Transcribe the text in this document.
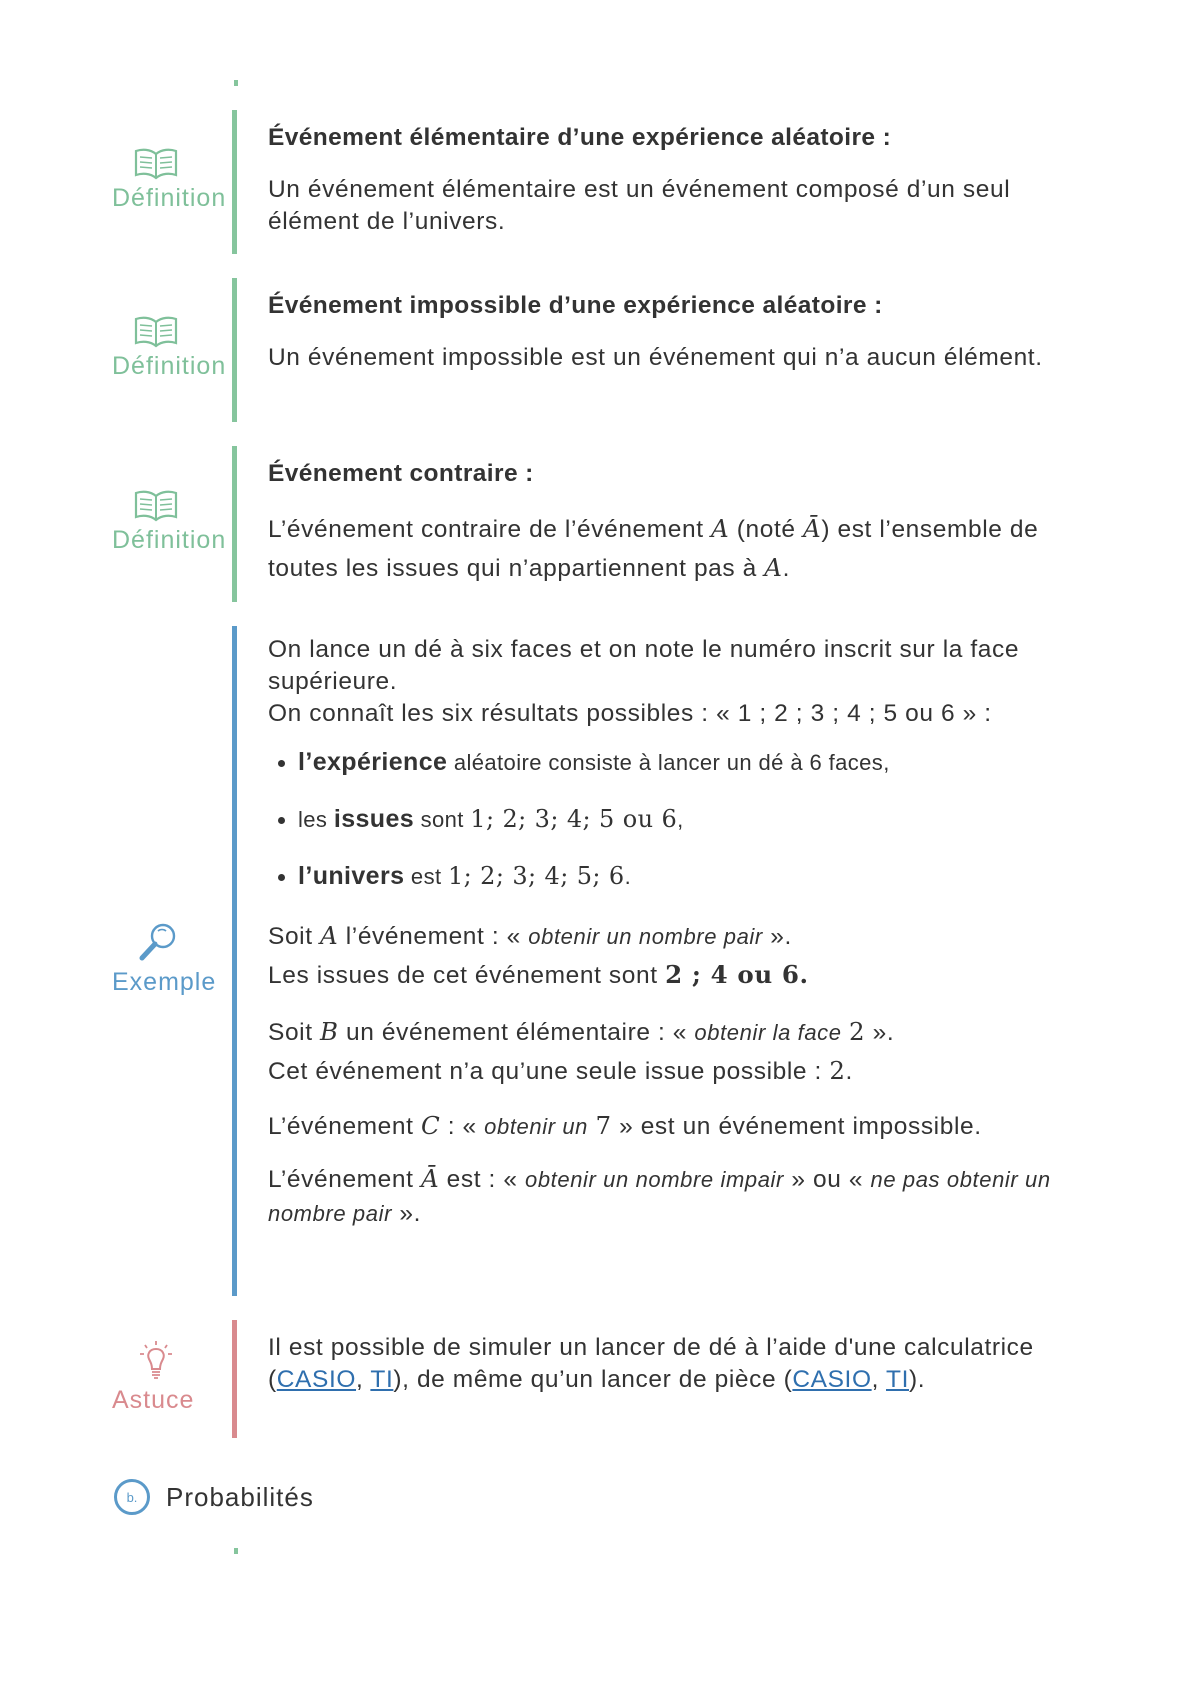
Définition

Événement élémentaire d’une expérience aléatoire :

Un événement élémentaire est un événement composé d’un seul élément de l’univers.

Définition

Événement impossible d’une expérience aléatoire :

Un événement impossible est un événement qui n’a aucun élément.

Définition

Événement contraire :

L’événement contraire de l’événement A (noté Ā) est l’ensemble de toutes les issues qui n’appartiennent pas à A.

Exemple

On lance un dé à six faces et on note le numéro inscrit sur la face supérieure.

On connaît les six résultats possibles : « 1 ; 2 ; 3 ; 4 ; 5 ou 6 » :

• l’expérience aléatoire consiste à lancer un dé à 6 faces,
• les issues sont 1; 2; 3; 4; 5 ou 6,
• l’univers est 1; 2; 3; 4; 5; 6.

Soit A l’événement : « obtenir un nombre pair ».

Les issues de cet événement sont 2 ; 4 ou 6.

Soit B un événement élémentaire : « obtenir la face 2 ».

Cet événement n’a qu’une seule issue possible : 2.

L’événement C : « obtenir un 7 » est un événement impossible.

L’événement Ā est : « obtenir un nombre impair » ou « ne pas obtenir un nombre pair ».

Astuce

Il est possible de simuler un lancer de dé à l’aide d'une calculatrice (CASIO, TI), de même qu’un lancer de pièce (CASIO, TI).

b.	Probabilités
